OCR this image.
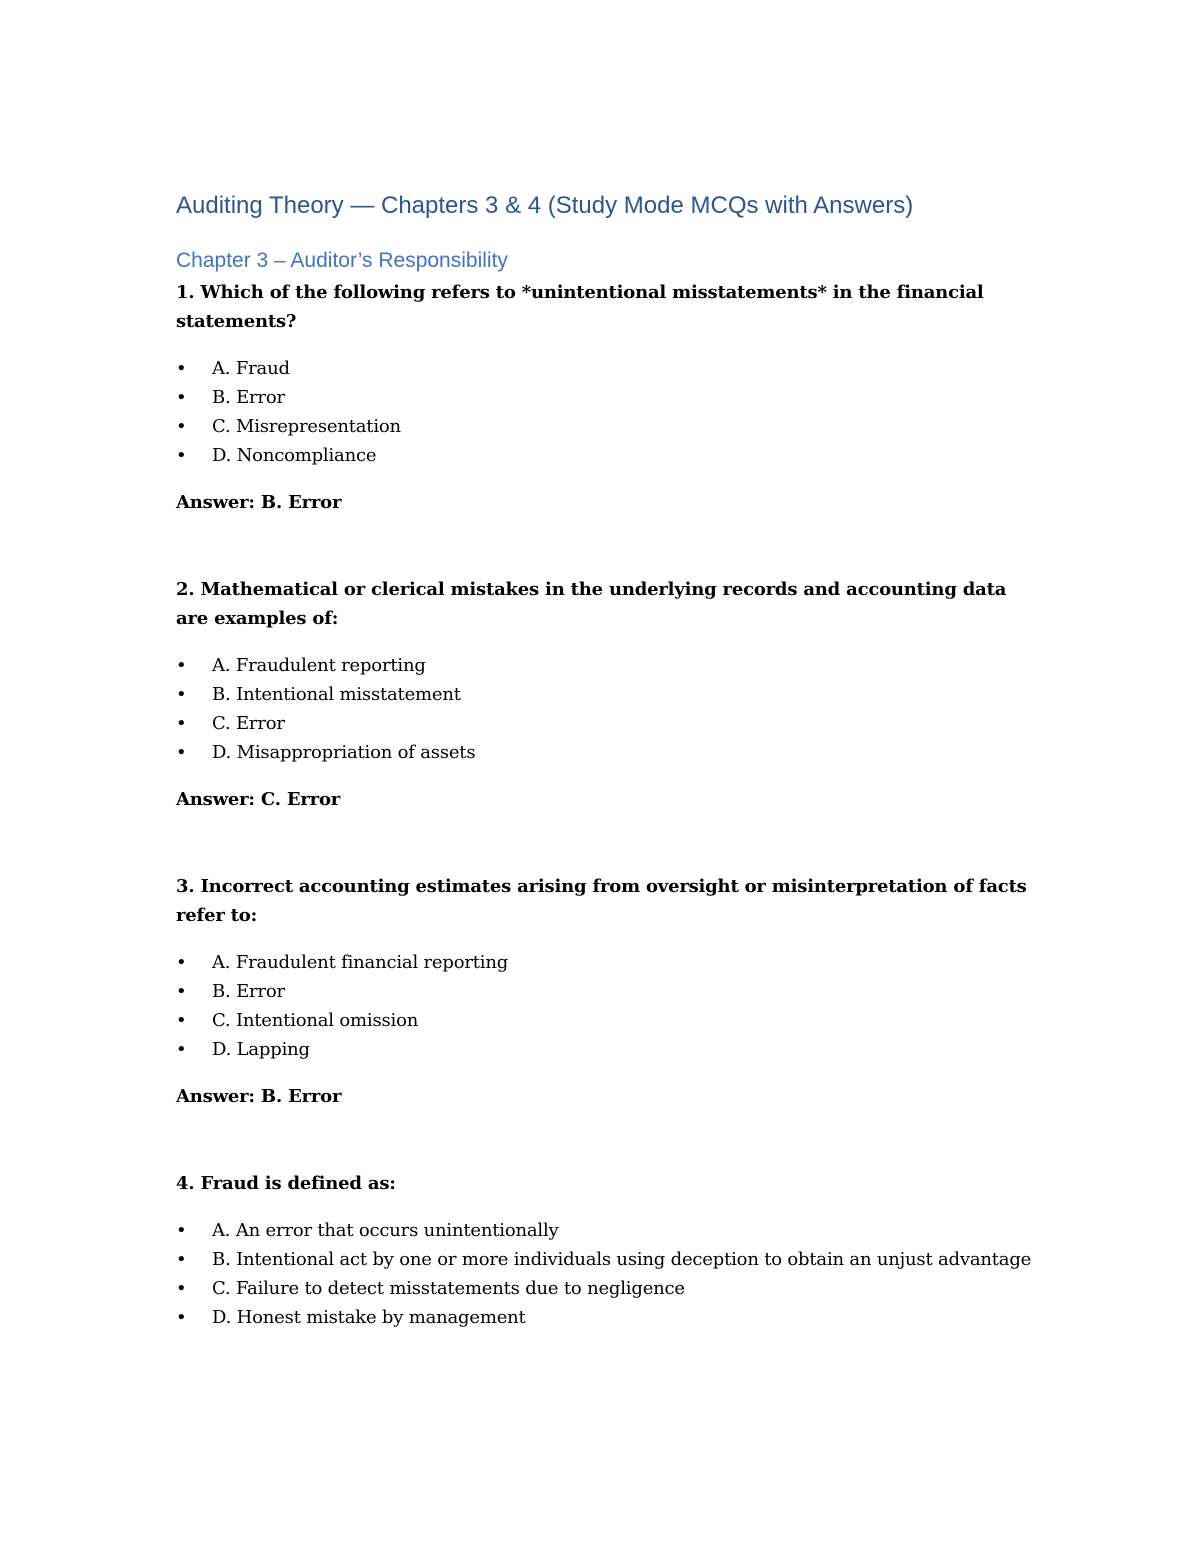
Auditing Theory — Chapters 3 & 4 (Study Mode MCQs with Answers)
Chapter 3 – Auditor’s Responsibility

1. Which of the following refers to *unintentional misstatements* in the financial statements?

• A. Fraud
• B. Error
• C. Misrepresentation
• D. Noncompliance

Answer: B. Error

2. Mathematical or clerical mistakes in the underlying records and accounting data are examples of:

• A. Fraudulent reporting
• B. Intentional misstatement
• C. Error
• D. Misappropriation of assets

Answer: C. Error

3. Incorrect accounting estimates arising from oversight or misinterpretation of facts refer to:

• A. Fraudulent financial reporting
• B. Error
• C. Intentional omission
• D. Lapping

Answer: B. Error

4. Fraud is defined as:

• A. An error that occurs unintentionally
• B. Intentional act by one or more individuals using deception to obtain an unjust advantage
• C. Failure to detect misstatements due to negligence
• D. Honest mistake by management
